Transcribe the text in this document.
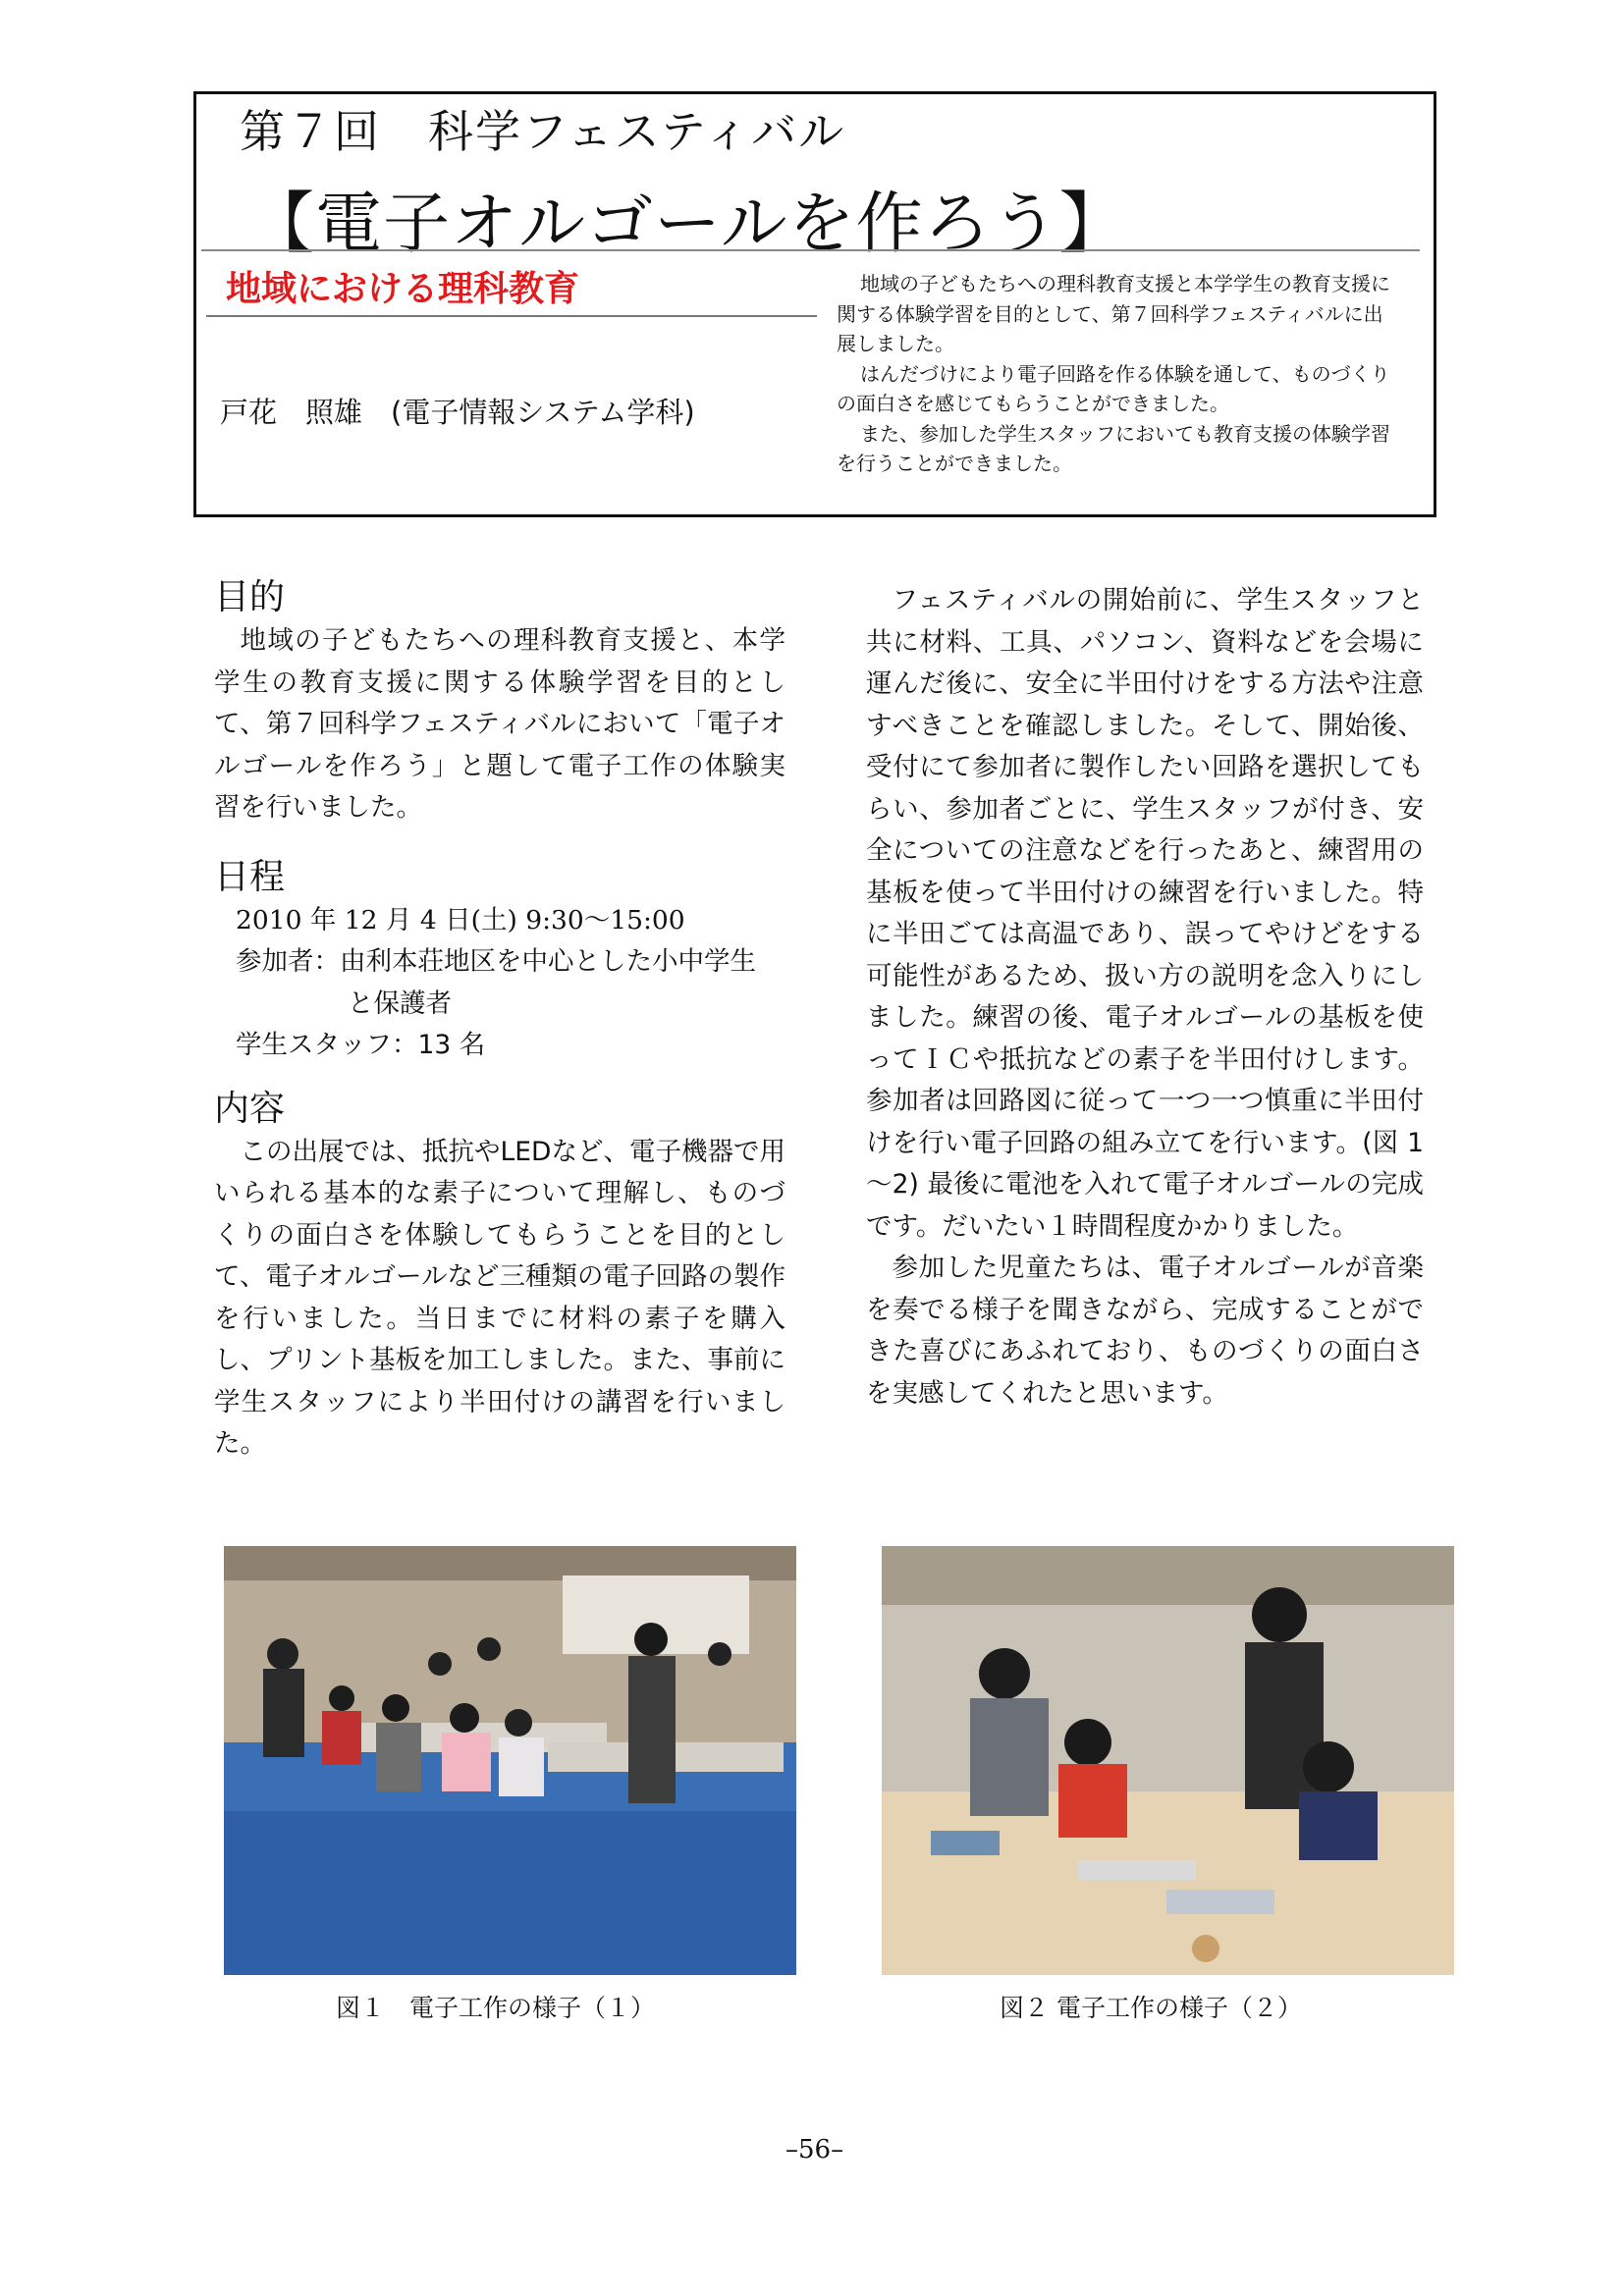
第７回　科学フェスティバル
【電子オルゴールを作ろう】
地域における理科教育
戸花　照雄　(電子情報システム学科)

地域の子どもたちへの理科教育支援と本学学生の教育支援に関する体験学習を目的として、第７回科学フェスティバルに出展しました。

はんだづけにより電子回路を作る体験を通して、ものづくりの面白さを感じてもらうことができました。

また、参加した学生スタッフにおいても教育支援の体験学習を行うことができました。

目的

地域の子どもたちへの理科教育支援と、本学学生の教育支援に関する体験学習を目的として、第７回科学フェスティバルにおいて「電子オルゴールを作ろう」と題して電子工作の体験実習を行いました。

日程

2010 年 12 月 4 日(土) 9:30～15:00

参加者：由利本荘地区を中心とした小中学生

と保護者

学生スタッフ：13 名

内容

この出展では、抵抗やLEDなど、電子機器で用いられる基本的な素子について理解し、ものづくりの面白さを体験してもらうことを目的として、電子オルゴールなど三種類の電子回路の製作を行いました。当日までに材料の素子を購入し、プリント基板を加工しました。また、事前に学生スタッフにより半田付けの講習を行いました。

フェスティバルの開始前に、学生スタッフと共に材料、工具、パソコン、資料などを会場に運んだ後に、安全に半田付けをする方法や注意すべきことを確認しました。そして、開始後、受付にて参加者に製作したい回路を選択してもらい、参加者ごとに、学生スタッフが付き、安全についての注意などを行ったあと、練習用の基板を使って半田付けの練習を行いました。特に半田ごては高温であり、誤ってやけどをする可能性があるため、扱い方の説明を念入りにしました。練習の後、電子オルゴールの基板を使ってＩＣや抵抗などの素子を半田付けします。参加者は回路図に従って一つ一つ慎重に半田付けを行い電子回路の組み立てを行います。(図 1～2) 最後に電池を入れて電子オルゴールの完成です。だいたい１時間程度かかりました。

参加した児童たちは、電子オルゴールが音楽を奏でる様子を聞きながら、完成することができた喜びにあふれており、ものづくりの面白さを実感してくれたと思います。

図１　電子工作の様子（１）	図２ 電子工作の様子（２）
–56–
